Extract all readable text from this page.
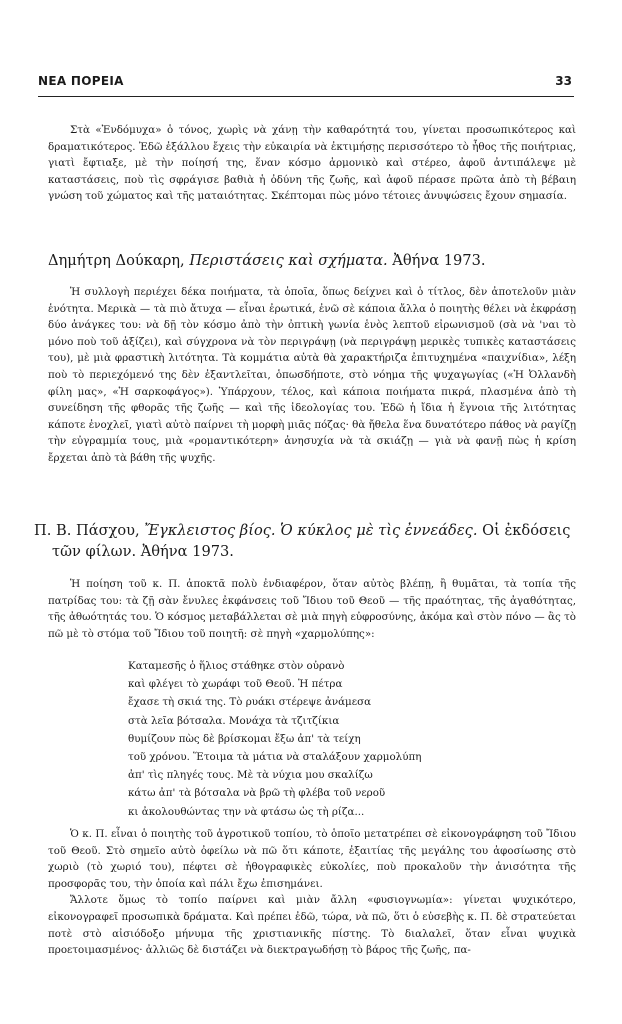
ΝΕΑ ΠΟΡΕΙΑ	33

Στὰ «Ἐνδόμυχα» ὁ τόνος, χωρὶς νὰ χάνῃ τὴν καθαρότητά του, γίνεται προσωπικότερος καὶ δραματικότερος. Ἐδῶ ἐξάλλου ἔχεις τὴν εὐκαιρία νὰ ἐκτιμήσῃς περισσότερο τὸ ἦθος τῆς ποιήτριας, γιατὶ ἔφτιαξε, μὲ τὴν ποίησή της, ἕναν κόσμο ἁρμονικὸ καὶ στέρεο, ἀφοῦ ἀντιπάλεψε μὲ καταστάσεις, ποὺ τὶς σφράγισε βαθιὰ ἡ ὀδύνη τῆς ζωῆς, καὶ ἀφοῦ πέρασε πρῶτα ἀπὸ τὴ βέβαιη γνώση τοῦ χώματος καὶ τῆς ματαιότητας. Σκέπτομαι πὼς μόνο τέτοιες ἀνυψώσεις ἔχουν σημασία.

Δημήτρη Δούκαρη, Περιστάσεις καὶ σχήματα. Ἀθήνα 1973.

Ἡ συλλογὴ περιέχει δέκα ποιήματα, τὰ ὁποῖα, ὅπως δείχνει καὶ ὁ τίτλος, δὲν ἀποτελοῦν μιὰν ἑνότητα. Μερικὰ — τὰ πιὸ ἄτυχα — εἶναι ἐρωτικά, ἐνῶ σὲ κάποια ἄλλα ὁ ποιητὴς θέλει νὰ ἐκφράσῃ δύο ἀνάγκες του: νὰ δῇ τὸν κόσμο ἀπὸ τὴν ὀπτικὴ γωνία ἑνὸς λεπτοῦ εἰρωνισμοῦ (σὰ νὰ 'ναι τὸ μόνο ποὺ τοῦ ἀξίζει), καὶ σύγχρονα νὰ τὸν περιγράψῃ (νὰ περιγράψῃ μερικὲς τυπικὲς καταστάσεις του), μὲ μιὰ φραστικὴ λιτότητα. Τὰ κομμάτια αὐτὰ θὰ χαρακτήριζα ἐπιτυχημένα «παιχνίδια», λέξη ποὺ τὸ περιεχόμενό της δὲν ἐξαντλεῖται, ὁπωσδήποτε, στὸ νόημα τῆς ψυχαγωγίας («Ἡ Ὀλλανδὴ φίλη μας», «Ἡ σαρκοφάγος»). Ὑπάρχουν, τέλος, καὶ κάποια ποιήματα πικρά, πλασμένα ἀπὸ τὴ συνείδηση τῆς φθορᾶς τῆς ζωῆς — καὶ τῆς ἰδεολογίας του. Ἐδῶ ἡ ἴδια ἡ ἔγνοια τῆς λιτότητας κάποτε ἐνοχλεῖ, γιατὶ αὐτὸ παίρνει τὴ μορφὴ μιᾶς πόζας· θὰ ἤθελα ἕνα δυνατότερο πάθος νὰ ραγίζῃ τὴν εὐγραμμία τους, μιὰ «ρομαντικότερη» ἀνησυχία νὰ τὰ σκιάζῃ — γιὰ νὰ φανῇ πὼς ἡ κρίση ἔρχεται ἀπὸ τὰ βάθη τῆς ψυχῆς.

Π. Β. Πάσχου, Ἔγκλειστος βίος. Ὁ κύκλος μὲ τὶς ἐννεάδες. Οἱ ἐκδόσεις τῶν φίλων. Ἀθήνα 1973.

Ἡ ποίηση τοῦ κ. Π. ἀποκτᾶ πολὺ ἐνδιαφέρον, ὅταν αὐτὸς βλέπῃ, ἢ θυμᾶται, τὰ τοπία τῆς πατρίδας του: τὰ ζῇ σὰν ἔνυλες ἐκφάνσεις τοῦ Ἴδιου τοῦ Θεοῦ — τῆς πραότητας, τῆς ἀγαθότητας, τῆς ἀθωότητάς του. Ὁ κόσμος μεταβάλλεται σὲ μιὰ πηγὴ εὐφροσύνης, ἀκόμα καὶ στὸν πόνο — ἂς τὸ πῶ μὲ τὸ στόμα τοῦ Ἴδιου τοῦ ποιητῆ: σὲ πηγὴ «χαρμολύπης»:

Καταμεσῆς ὁ ἥλιος στάθηκε στὸν οὐρανὸ
καὶ φλέγει τὸ χωράφι τοῦ Θεοῦ. Ἡ πέτρα
ἔχασε τὴ σκιά της. Τὸ ρυάκι στέρεψε ἀνάμεσα
στὰ λεῖα βότσαλα. Μονάχα τὰ τζιτζίκια
θυμίζουν πὼς δὲ βρίσκομαι ἔξω ἀπ' τὰ τείχη
τοῦ χρόνου. Ἕτοιμα τὰ μάτια νὰ σταλάξουν χαρμολύπη
ἀπ' τὶς πληγές τους. Μὲ τὰ νύχια μου σκαλίζω
κάτω ἀπ' τὰ βότσαλα νὰ βρῶ τὴ φλέβα τοῦ νεροῦ
κι ἀκολουθώντας την νὰ φτάσω ὡς τὴ ρίζα...

Ὁ κ. Π. εἶναι ὁ ποιητὴς τοῦ ἀγροτικοῦ τοπίου, τὸ ὁποῖο μετατρέπει σὲ εἰκονογράφηση τοῦ Ἴδιου τοῦ Θεοῦ. Στὸ σημεῖο αὐτὸ ὀφείλω νὰ πῶ ὅτι κάποτε, ἐξαιτίας τῆς μεγάλης του ἀφοσίωσης στὸ χωριὸ (τὸ χωριό του), πέφτει σὲ ἠθογραφικὲς εὐκολίες, ποὺ προκαλοῦν τὴν ἀνισότητα τῆς προσφορᾶς του, τὴν ὁποία καὶ πάλι ἔχω ἐπισημάνει.

Ἄλλοτε ὅμως τὸ τοπίο παίρνει καὶ μιὰν ἄλλη «φυσιογνωμία»: γίνεται ψυχικότερο, εἰκονογραφεῖ προσωπικὰ δράματα. Καὶ πρέπει ἐδῶ, τώρα, νὰ πῶ, ὅτι ὁ εὐσεβὴς κ. Π. δὲ στρατεύεται ποτὲ στὸ αἰσιόδοξο μήνυμα τῆς χριστιανικῆς πίστης. Τὸ διαλαλεῖ, ὅταν εἶναι ψυχικὰ προετοιμασμένος· ἀλλιῶς δὲ διστάζει νὰ διεκτραγωδήσῃ τὸ βάρος τῆς ζωῆς, πα-
